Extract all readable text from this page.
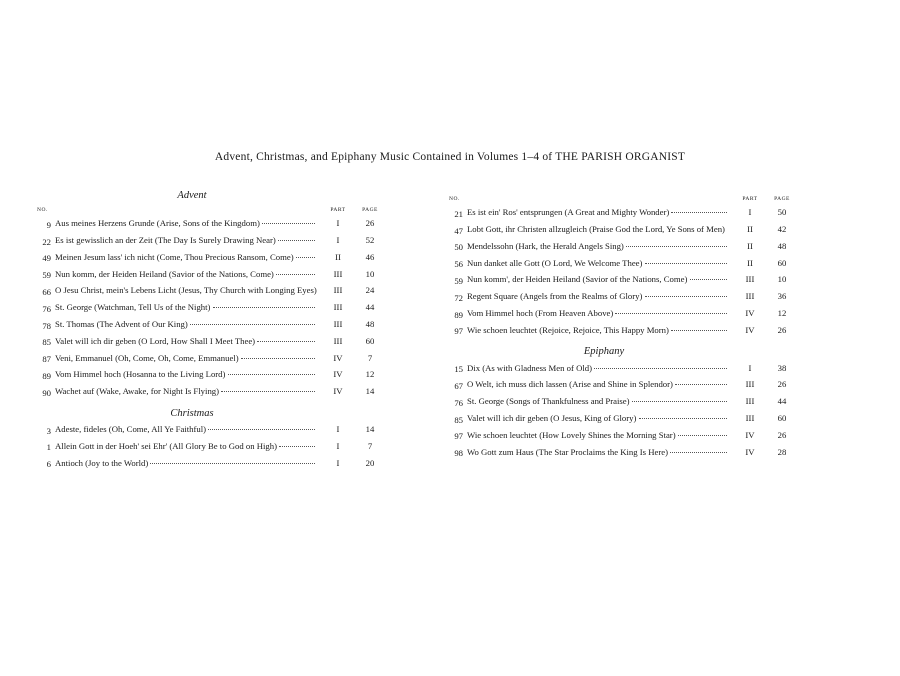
Advent, Christmas, and Epiphany Music Contained in Volumes 1–4 of THE PARISH ORGANIST
Advent
NO.	PART	PAGE
9 Aus meines Herzens Grunde (Arise, Sons of the Kingdom)	I	26
22 Es ist gewisslich an der Zeit (The Day Is Surely Drawing Near)	I	52
49 Meinen Jesum lass' ich nicht (Come, Thou Precious Ransom, Come)	II	46
59 Nun komm, der Heiden Heiland (Savior of the Nations, Come)	III	10
66 O Jesu Christ, mein's Lebens Licht (Jesus, Thy Church with Longing Eyes)	III	24
76 St. George (Watchman, Tell Us of the Night)	III	44
78 St. Thomas (The Advent of Our King)	III	48
85 Valet will ich dir geben (O Lord, How Shall I Meet Thee)	III	60
87 Veni, Emmanuel (Oh, Come, Oh, Come, Emmanuel)	IV	7
89 Vom Himmel hoch (Hosanna to the Living Lord)	IV	12
90 Wachet auf (Wake, Awake, for Night Is Flying)	IV	14
Christmas
3 Adeste, fideles (Oh, Come, All Ye Faithful)	I	14
1 Allein Gott in der Hoeh' sei Ehr' (All Glory Be to God on High)	I	7
6 Antioch (Joy to the World)	I	20
NO.	PART	PAGE
21 Es ist ein' Ros' entsprungen (A Great and Mighty Wonder)	I	50
47 Lobt Gott, ihr Christen allzugleich (Praise God the Lord, Ye Sons of Men)	II	42
50 Mendelssohn (Hark, the Herald Angels Sing)	II	48
56 Nun danket alle Gott (O Lord, We Welcome Thee)	II	60
59 Nun komm', der Heiden Heiland (Savior of the Nations, Come)	III	10
72 Regent Square (Angels from the Realms of Glory)	III	36
89 Vom Himmel hoch (From Heaven Above)	IV	12
97 Wie schoen leuchtet (Rejoice, Rejoice, This Happy Morn)	IV	26
Epiphany
15 Dix (As with Gladness Men of Old)	I	38
67 O Welt, ich muss dich lassen (Arise and Shine in Splendor)	III	26
76 St. George (Songs of Thankfulness and Praise)	III	44
85 Valet will ich dir geben (O Jesus, King of Glory)	III	60
97 Wie schoen leuchtet (How Lovely Shines the Morning Star)	IV	26
98 Wo Gott zum Haus (The Star Proclaims the King Is Here)	IV	28
